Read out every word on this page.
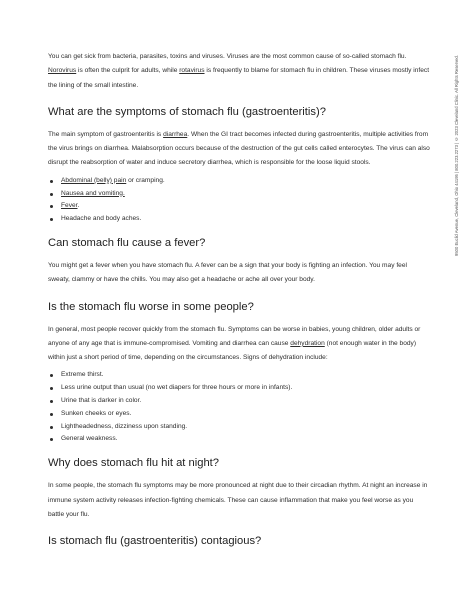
9500 Euclid Avenue, Cleveland, Ohio 44195 | 800.223.2273 | © 2023 Cleveland Clinic. All Rights Reserved.

You can get sick from bacteria, parasites, toxins and viruses. Viruses are the most common cause of so-called stomach flu. Norovirus is often the culprit for adults, while rotavirus is frequently to blame for stomach flu in children. These viruses mostly infect the lining of the small intestine.

What are the symptoms of stomach flu (gastroenteritis)?

The main symptom of gastroenteritis is diarrhea. When the GI tract becomes infected during gastroenteritis, multiple activities from the virus brings on diarrhea. Malabsorption occurs because of the destruction of the gut cells called enterocytes. The virus can also disrupt the reabsorption of water and induce secretory diarrhea, which is responsible for the loose liquid stools.

Abdominal (belly) pain or cramping.
Nausea and vomiting.
Fever.
Headache and body aches.
Can stomach flu cause a fever?

You might get a fever when you have stomach flu. A fever can be a sign that your body is fighting an infection. You may feel sweaty, clammy or have the chills. You may also get a headache or ache all over your body.

Is the stomach flu worse in some people?

In general, most people recover quickly from the stomach flu. Symptoms can be worse in babies, young children, older adults or anyone of any age that is immune-compromised. Vomiting and diarrhea can cause dehydration (not enough water in the body) within just a short period of time, depending on the circumstances. Signs of dehydration include:

Extreme thirst.
Less urine output than usual (no wet diapers for three hours or more in infants).
Urine that is darker in color.
Sunken cheeks or eyes.
Lightheadedness, dizziness upon standing.
General weakness.
Why does stomach flu hit at night?

In some people, the stomach flu symptoms may be more pronounced at night due to their circadian rhythm. At night an increase in immune system activity releases infection-fighting chemicals. These can cause inflammation that make you feel worse as you battle your flu.

Is stomach flu (gastroenteritis) contagious?
